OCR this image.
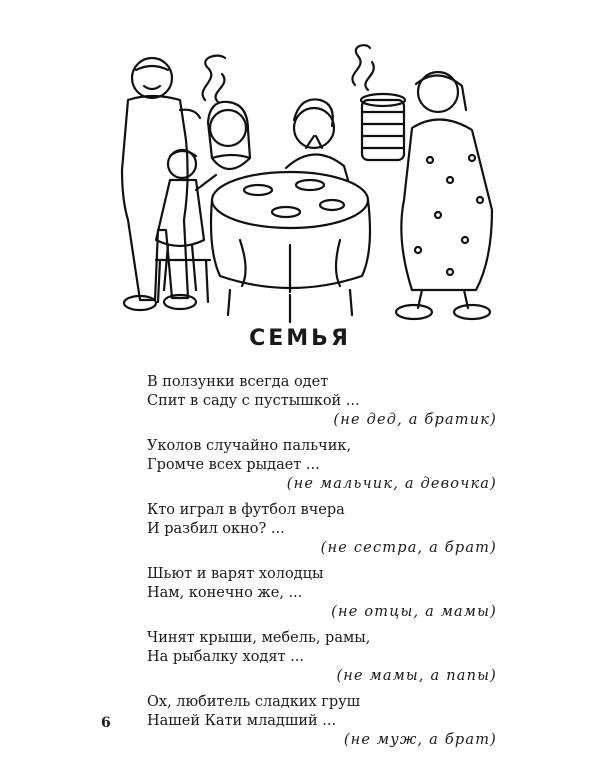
СЕМЬЯ
В ползунки всегда одет
Спит в саду с пустышкой ...
(не дед, а братик)
Уколов случайно пальчик,
Громче всех рыдает ...
(не мальчик, а девочка)
Кто играл в футбол вчера
И разбил окно? ...
(не сестра, а брат)
Шьют и варят холодцы
Нам, конечно же, ...
(не отцы, а мамы)
Чинят крыши, мебель, рамы,
На рыбалку ходят ...
(не мамы, а папы)
Ох, любитель сладких груш
Нашей Кати младший ...
(не муж, а брат)
6
